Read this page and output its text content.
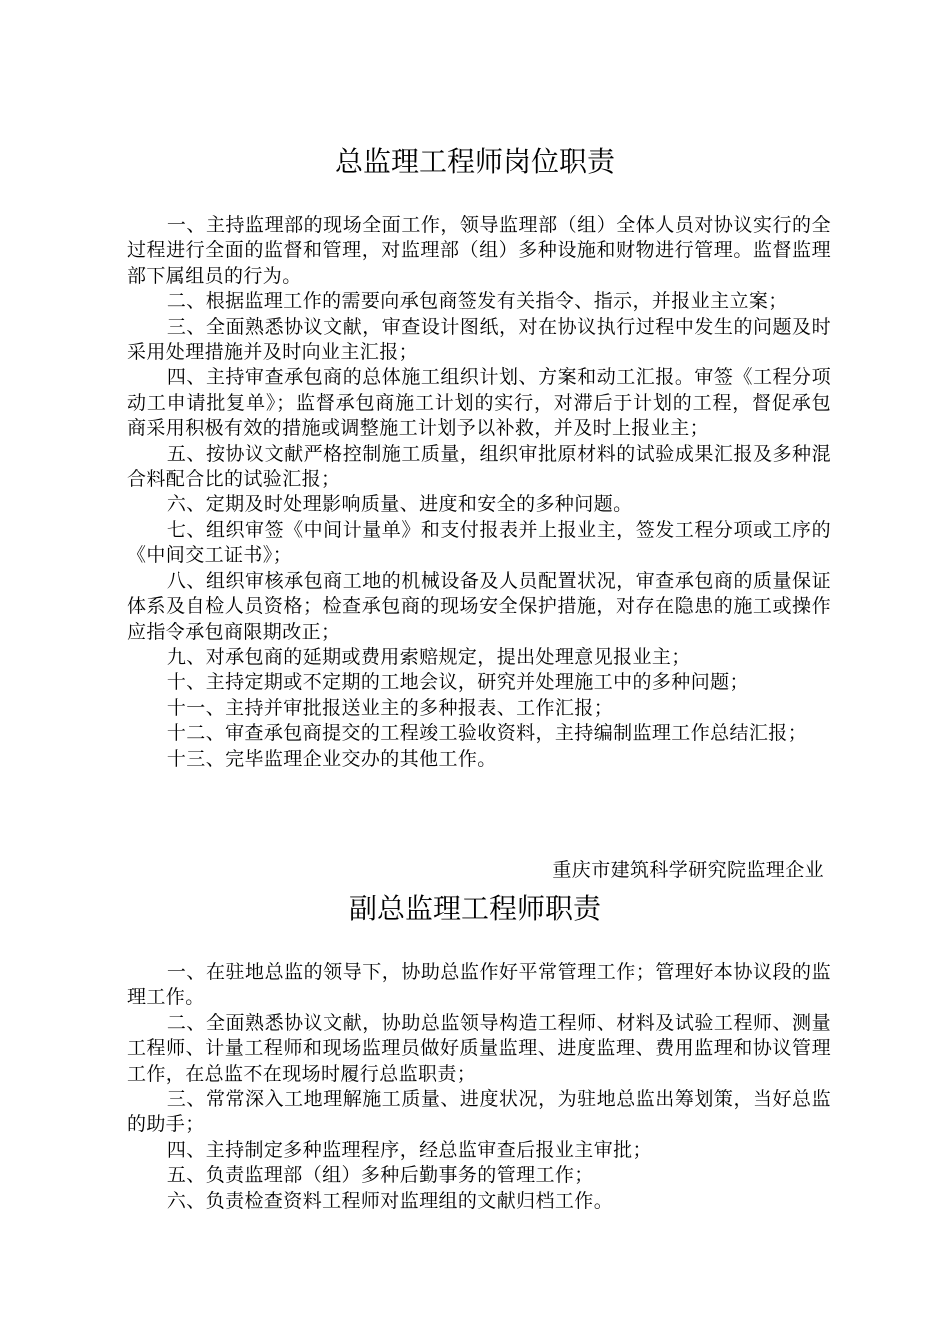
总监理工程师岗位职责

一、主持监理部的现场全面工作，领导监理部（组）全体人员对协议实行的全过程进行全面的监督和管理，对监理部（组）多种设施和财物进行管理。监督监理部下属组员的行为。

二、根据监理工作的需要向承包商签发有关指令、指示，并报业主立案；

三、全面熟悉协议文献，审查设计图纸，对在协议执行过程中发生的问题及时采用处理措施并及时向业主汇报；

四、主持审查承包商的总体施工组织计划、方案和动工汇报。审签《工程分项动工申请批复单》；监督承包商施工计划的实行，对滞后于计划的工程，督促承包商采用积极有效的措施或调整施工计划予以补救，并及时上报业主；

五、按协议文献严格控制施工质量，组织审批原材料的试验成果汇报及多种混合料配合比的试验汇报；

六、定期及时处理影响质量、进度和安全的多种问题。

七、组织审签《中间计量单》和支付报表并上报业主，签发工程分项或工序的《中间交工证书》；

八、组织审核承包商工地的机械设备及人员配置状况，审查承包商的质量保证体系及自检人员资格；检查承包商的现场安全保护措施，对存在隐患的施工或操作应指令承包商限期改正；

九、对承包商的延期或费用索赔规定，提出处理意见报业主；

十、主持定期或不定期的工地会议，研究并处理施工中的多种问题；

十一、主持并审批报送业主的多种报表、工作汇报；

十二、审查承包商提交的工程竣工验收资料，主持编制监理工作总结汇报；

十三、完毕监理企业交办的其他工作。

重庆市建筑科学研究院监理企业

副总监理工程师职责

一、在驻地总监的领导下，协助总监作好平常管理工作；管理好本协议段的监理工作。

二、全面熟悉协议文献，协助总监领导构造工程师、材料及试验工程师、测量工程师、计量工程师和现场监理员做好质量监理、进度监理、费用监理和协议管理工作，在总监不在现场时履行总监职责；

三、常常深入工地理解施工质量、进度状况，为驻地总监出筹划策，当好总监的助手；

四、主持制定多种监理程序，经总监审查后报业主审批；

五、负责监理部（组）多种后勤事务的管理工作；

六、负责检查资料工程师对监理组的文献归档工作。
